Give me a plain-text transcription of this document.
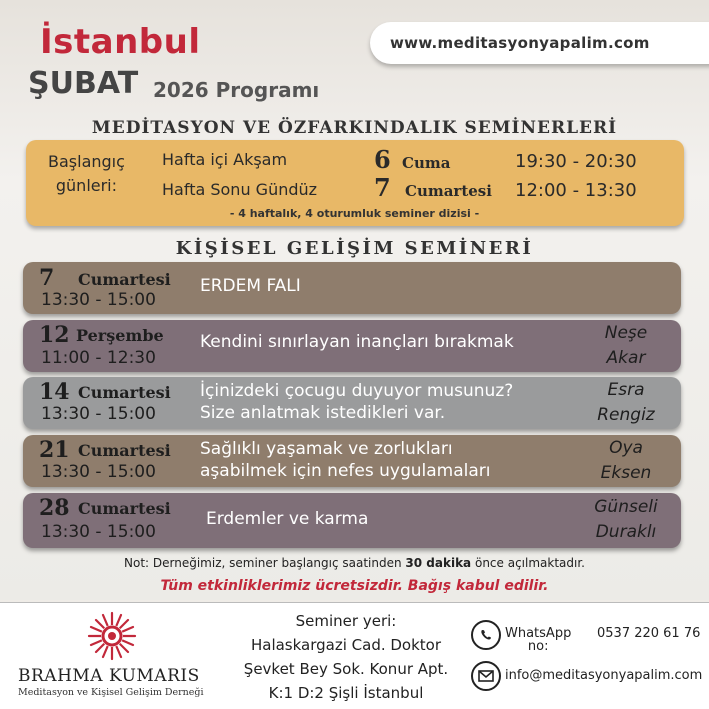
İstanbul
ŞUBAT 2026 Programı
www.meditasyonyapalim.com
MEDİTASYON VE ÖZFARKINDALIK SEMİNERLERİ
Başlangıç
günleri:
Hafta içi Akşam	6 Cuma	19:30 - 20:30
Hafta Sonu Gündüz 7 Cumartesi 12:00 - 13:30
- 4 haftalık, 4 oturumluk seminer dizisi -
KİŞİSEL GELİŞİM SEMİNERİ
7 Cumartesi
13:30 - 15:00
ERDEM FALI
12 Perşembe
11:00 - 12:30
Kendini sınırlayan inançları bırakmak	Neşe
Akar
14 Cumartesi
13:30 - 15:00
İçinizdeki çocugu duyuyor musunuz?
Size anlatmak istedikleri var.
Esra
Rengiz
21 Cumartesi
13:30 - 15:00
Sağlıklı yaşamak ve zorlukları
aşabilmek için nefes uygulamaları
Oya
Eksen
28 Cumartesi
13:30 - 15:00
Erdemler ve karma
Günseli
Duraklı
Not: Derneğimiz, seminer başlangıç saatinden 30 dakika önce açılmaktadır.
Tüm etkinliklerimiz ücretsizdir. Bağış kabul edilir.
BRAHMA KUMARIS
Meditasyon ve Kişisel Gelişim Derneği
Seminer yeri:
Halaskargazi Cad. Doktor
Şevket Bey Sok. Konur Apt.
K:1 D:2 Şişli İstanbul
WhatsApp
no:
0537 220 61 76
info@meditasyonyapalim.com
